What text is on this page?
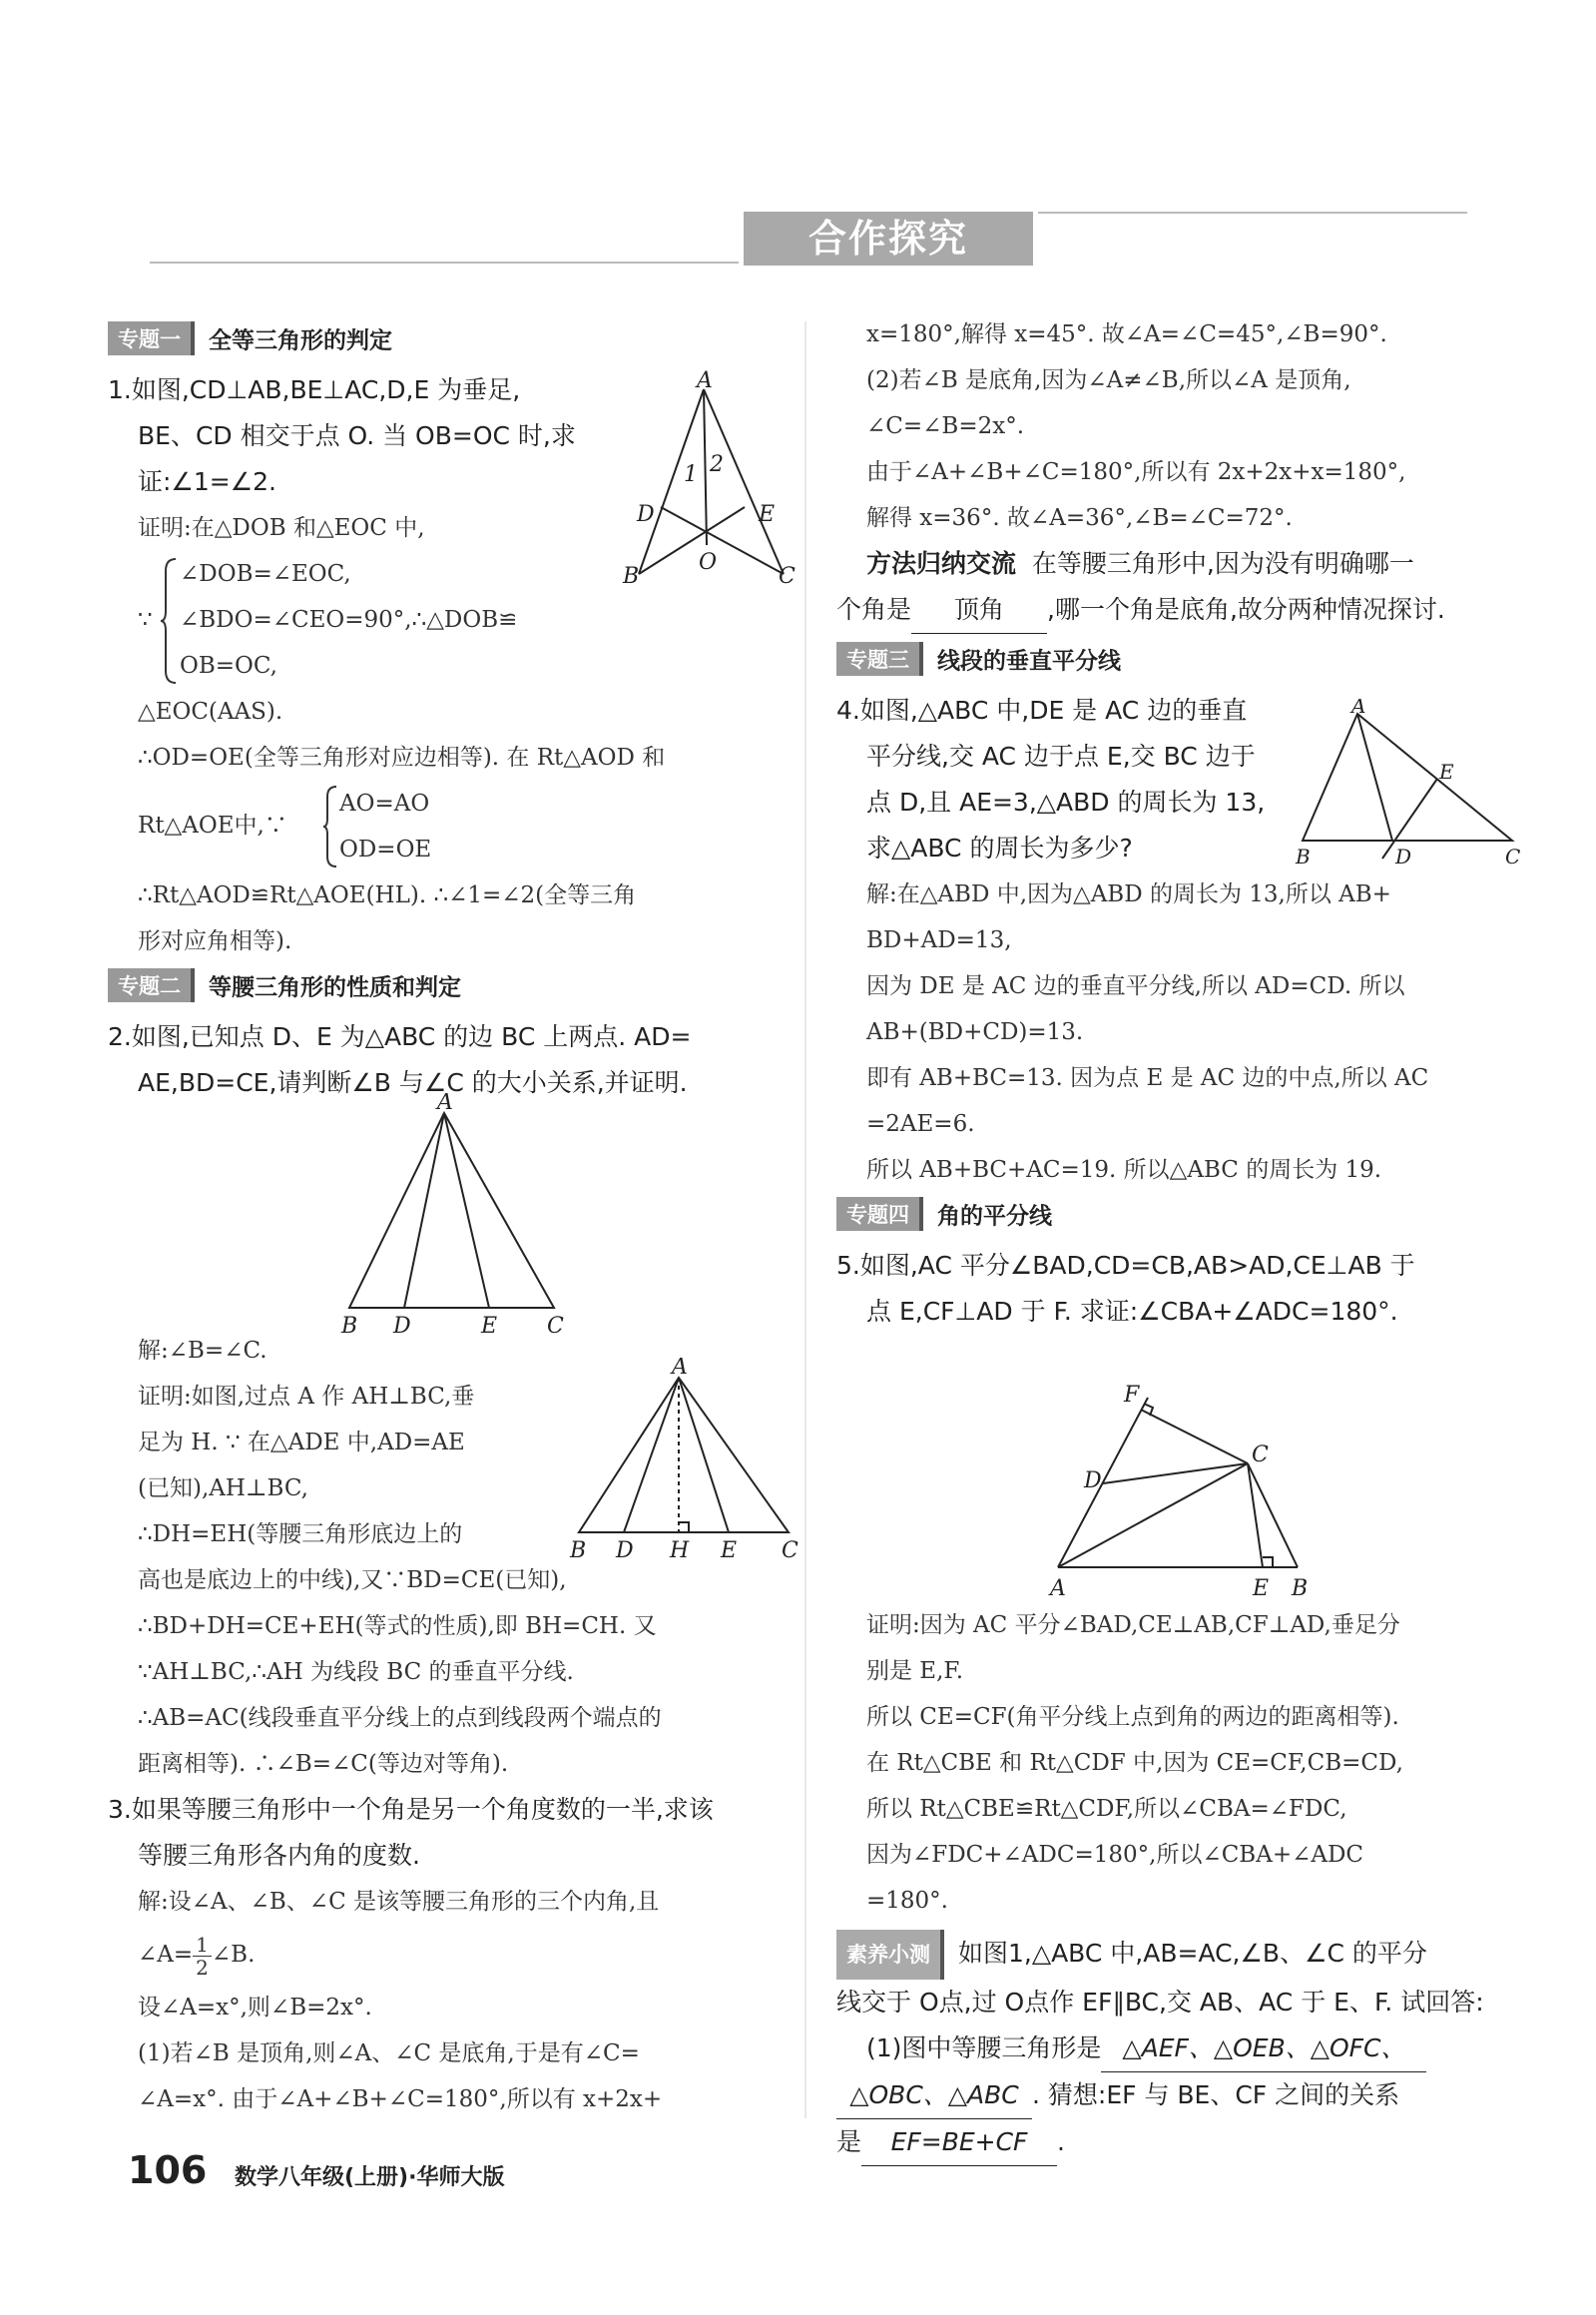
合作探究
专题一 全等三角形的判定
1.如图,CD⊥AB,BE⊥AC,D,E 为垂足,
BE、CD 相交于点 O. 当 OB=OC 时,求
证:∠1=∠2.
证明:在△DOB 和△EOC 中,
∵
∠DOB=∠EOC,
∠BDO=∠CEO=90°,∴△DOB≌
OB=OC,
△EOC(AAS).
∴OD=OE(全等三角形对应边相等). 在 Rt△AOD 和
Rt△AOE中,∵
AO=AO
OD=OE
∴Rt△AOD≌Rt△AOE(HL). ∴∠1=∠2(全等三角
形对应角相等).
专题二 等腰三角形的性质和判定
2.如图,已知点 D、E 为△ABC 的边 BC 上两点. AD=
AE,BD=CE,请判断∠B 与∠C 的大小关系,并证明.
解:∠B=∠C.
证明:如图,过点 A 作 AH⊥BC,垂
足为 H. ∵ 在△ADE 中,AD=AE
(已知),AH⊥BC,
∴DH=EH(等腰三角形底边上的
高也是底边上的中线),又∵BD=CE(已知),
∴BD+DH=CE+EH(等式的性质),即 BH=CH. 又
∵AH⊥BC,∴AH 为线段 BC 的垂直平分线.
∴AB=AC(线段垂直平分线上的点到线段两个端点的
距离相等). ∴∠B=∠C(等边对等角).
3.如果等腰三角形中一个角是另一个角度数的一半,求该
等腰三角形各内角的度数.
解:设∠A、∠B、∠C 是该等腰三角形的三个内角,且
∠A= $\frac{1}{2}$ ∠B.
设∠A=x°,则∠B=2x°.
(1)若∠B 是顶角,则∠A、∠C 是底角,于是有∠C=
∠A=x°. 由于∠A+∠B+∠C=180°,所以有 x+2x+
x=180°,解得 x=45°. 故∠A=∠C=45°,∠B=90°.
(2)若∠B 是底角,因为∠A≠∠B,所以∠A 是顶角,
∠C=∠B=2x°.
由于∠A+∠B+∠C=180°,所以有 2x+2x+x=180°,
解得 x=36°. 故∠A=36°,∠B=∠C=72°.
方法归纳交流 在等腰三角形中,因为没有明确哪一
个角是 顶角 ,哪一个角是底角,故分两种情况探讨.
专题三 线段的垂直平分线
4.如图,△ABC 中,DE 是 AC 边的垂直
平分线,交 AC 边于点 E,交 BC 边于
点 D,且 AE=3,△ABD 的周长为 13,
求△ABC 的周长为多少?
解:在△ABD 中,因为△ABD 的周长为 13,所以 AB+
BD+AD=13,
因为 DE 是 AC 边的垂直平分线,所以 AD=CD. 所以
AB+(BD+CD)=13.
即有 AB+BC=13. 因为点 E 是 AC 边的中点,所以 AC
=2AE=6.
所以 AB+BC+AC=19. 所以△ABC 的周长为 19.
专题四 角的平分线
5.如图,AC 平分∠BAD,CD=CB,AB>AD,CE⊥AB 于
点 E,CF⊥AD 于 F. 求证:∠CBA+∠ADC=180°.
证明:因为 AC 平分∠BAD,CE⊥AB,CF⊥AD,垂足分
别是 E,F.
所以 CE=CF(角平分线上点到角的两边的距离相等).
在 Rt△CBE 和 Rt△CDF 中,因为 CE=CF,CB=CD,
所以 Rt△CBE≌Rt△CDF,所以∠CBA=∠FDC,
因为∠FDC+∠ADC=180°,所以∠CBA+∠ADC
=180°.
素养小测 如图1,△ABC 中,AB=AC,∠B、∠C 的平分
线交于 O点,过 O点作 EF∥BC,交 AB、AC 于 E、F. 试回答:
(1)图中等腰三角形是 △AEF、△OEB、△OFC、
△OBC、△ABC . 猜想:EF 与 BE、CF 之间的关系
是 EF=BE+CF .
A
1 2
D	E
B
O
C
A
B D	E C
A
B D H E C
A
E
B	D	C
F
D
C
A	E B
106 数学八年级(上册)·华师大版
